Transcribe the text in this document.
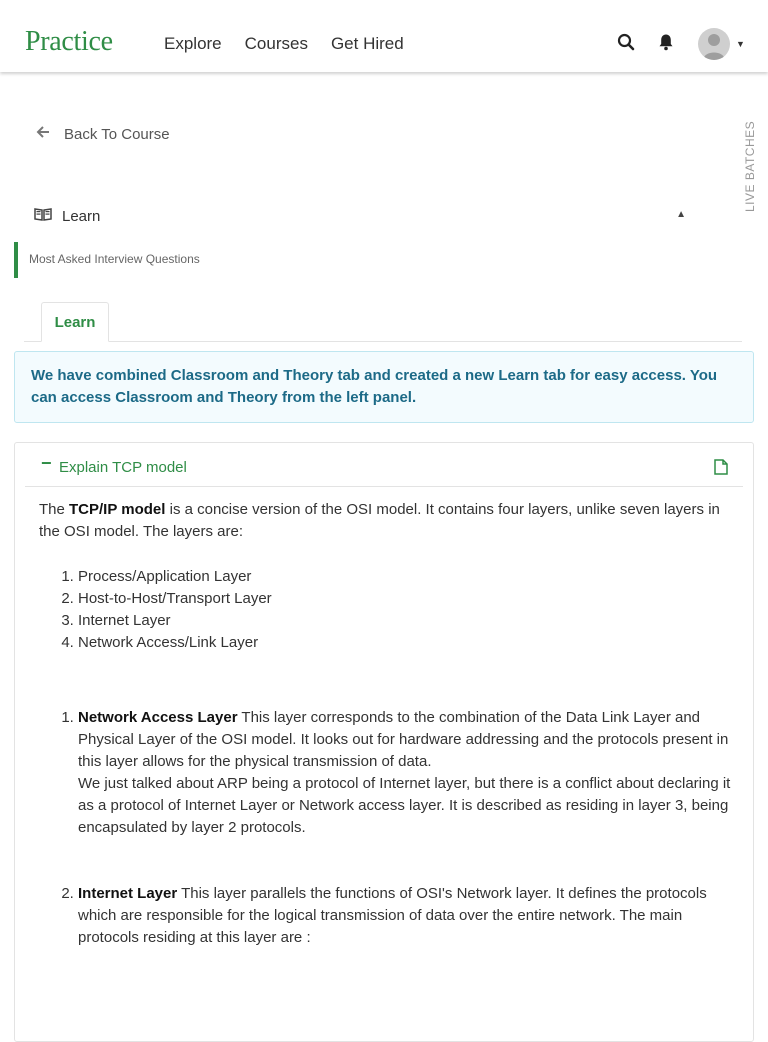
Practice	Explore Courses Get Hired	▼
Back To Course	LIVE BATCHES
Learn	▲
Most Asked Interview Questions
Learn
We have combined Classroom and Theory tab and created a new Learn tab for easy access. You can access Classroom and Theory from the left panel.
− Explain TCP model

The TCP/IP model is a concise version of the OSI model. It contains four layers, unlike seven layers in the OSI model. The layers are:

1. Process/Application Layer
2. Host-to-Host/Transport Layer
3. Internet Layer
4. Network Access/Link Layer
1. Network Access Layer This layer corresponds to the combination of the Data Link Layer and Physical Layer of the OSI model. It looks out for hardware addressing and the protocols present in this layer allows for the physical transmission of data.
We just talked about ARP being a protocol of Internet layer, but there is a conflict about declaring it as a protocol of Internet Layer or Network access layer. It is described as residing in layer 3, being encapsulated by layer 2 protocols.
2. Internet Layer This layer parallels the functions of OSI's Network layer. It defines the protocols which are responsible for the logical transmission of data over the entire network. The main protocols residing at this layer are :
